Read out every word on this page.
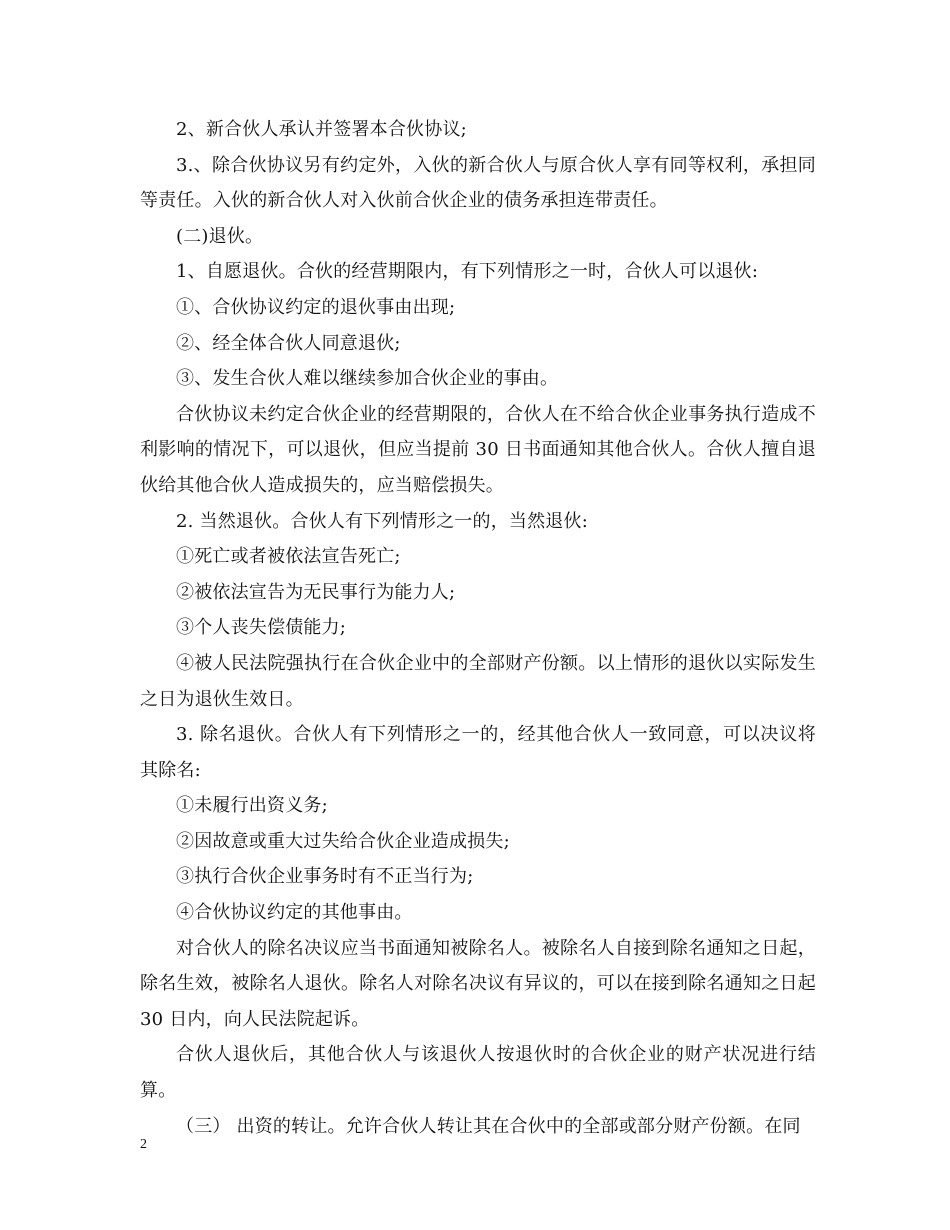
2、新合伙人承认并签署本合伙协议;

3.、除合伙协议另有约定外，入伙的新合伙人与原合伙人享有同等权利，承担同等责任。入伙的新合伙人对入伙前合伙企业的债务承担连带责任。

(二)退伙。

1、自愿退伙。合伙的经营期限内，有下列情形之一时，合伙人可以退伙:

①、合伙协议约定的退伙事由出现;

②、经全体合伙人同意退伙;

③、发生合伙人难以继续参加合伙企业的事由。

合伙协议未约定合伙企业的经营期限的，合伙人在不给合伙企业事务执行造成不利影响的情况下，可以退伙，但应当提前 30 日书面通知其他合伙人。合伙人擅自退伙给其他合伙人造成损失的，应当赔偿损失。

2. 当然退伙。合伙人有下列情形之一的，当然退伙:

①死亡或者被依法宣告死亡;

②被依法宣告为无民事行为能力人;

③个人丧失偿债能力;

④被人民法院强执行在合伙企业中的全部财产份额。以上情形的退伙以实际发生之日为退伙生效日。

3. 除名退伙。合伙人有下列情形之一的，经其他合伙人一致同意，可以决议将其除名:

①未履行出资义务;

②因故意或重大过失给合伙企业造成损失;

③执行合伙企业事务时有不正当行为;

④合伙协议约定的其他事由。

对合伙人的除名决议应当书面通知被除名人。被除名人自接到除名通知之日起，除名生效，被除名人退伙。除名人对除名决议有异议的，可以在接到除名通知之日起 30 日内，向人民法院起诉。

合伙人退伙后，其他合伙人与该退伙人按退伙时的合伙企业的财产状况进行结算。

（三） 出资的转让。允许合伙人转让其在合伙中的全部或部分财产份额。在同

2
